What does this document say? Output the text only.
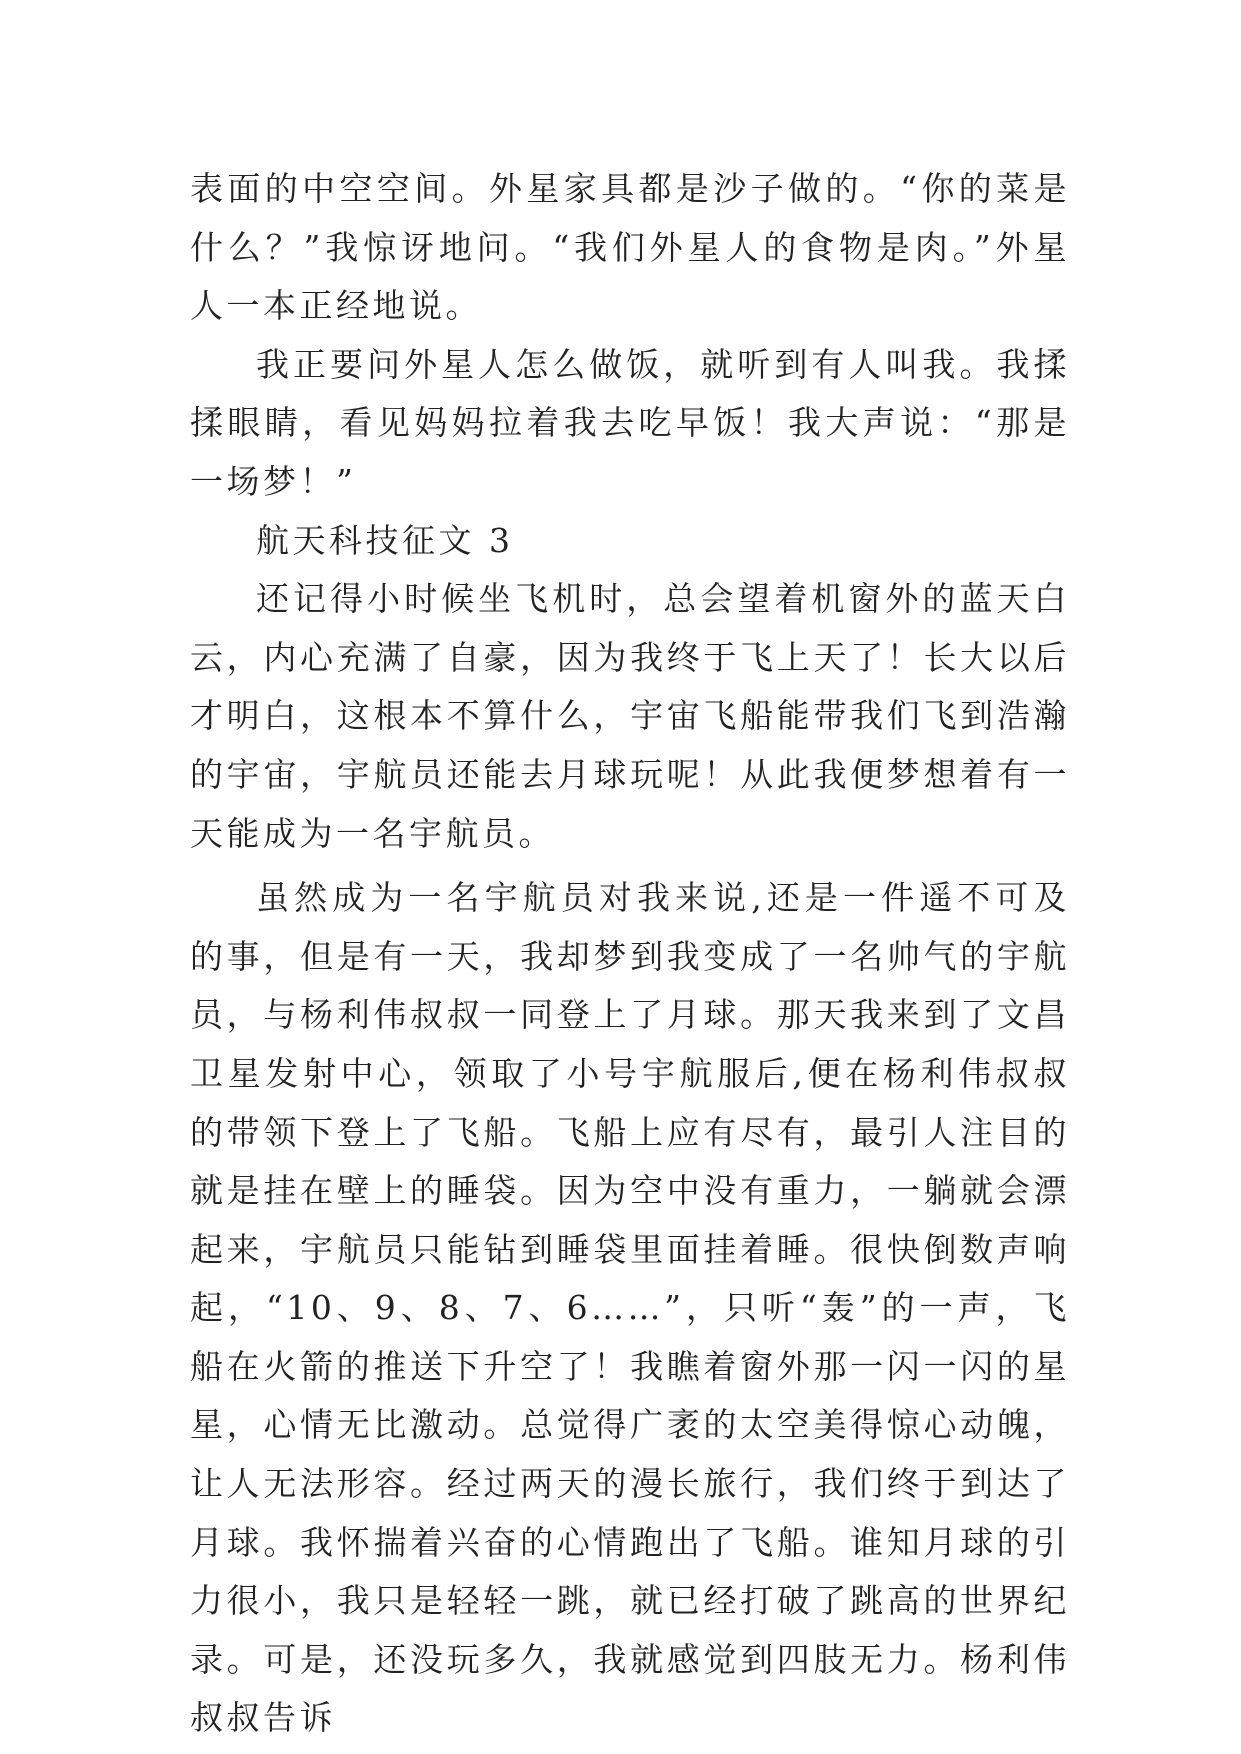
表面的中空空间。外星家具都是沙子做的。“你的菜是什么？”我惊讶地问。“我们外星人的食物是肉。”外星人一本正经地说。

我正要问外星人怎么做饭，就听到有人叫我。我揉揉眼睛，看见妈妈拉着我去吃早饭！我大声说：“那是一场梦！”

航天科技征文 3

还记得小时候坐飞机时，总会望着机窗外的蓝天白云，内心充满了自豪，因为我终于飞上天了！长大以后才明白，这根本不算什么，宇宙飞船能带我们飞到浩瀚的宇宙，宇航员还能去月球玩呢！从此我便梦想着有一天能成为一名宇航员。

虽然成为一名宇航员对我来说,还是一件遥不可及的事，但是有一天，我却梦到我变成了一名帅气的宇航员，与杨利伟叔叔一同登上了月球。那天我来到了文昌卫星发射中心，领取了小号宇航服后,便在杨利伟叔叔的带领下登上了飞船。飞船上应有尽有，最引人注目的就是挂在壁上的睡袋。因为空中没有重力，一躺就会漂起来，宇航员只能钻到睡袋里面挂着睡。很快倒数声响起，“10、9、8、7、6……”，只听“轰”的一声，飞船在火箭的推送下升空了！我瞧着窗外那一闪一闪的星星，心情无比激动。总觉得广袤的太空美得惊心动魄，让人无法形容。经过两天的漫长旅行，我们终于到达了月球。我怀揣着兴奋的心情跑出了飞船。谁知月球的引力很小，我只是轻轻一跳，就已经打破了跳高的世界纪录。可是，还没玩多久，我就感觉到四肢无力。杨利伟叔叔告诉
